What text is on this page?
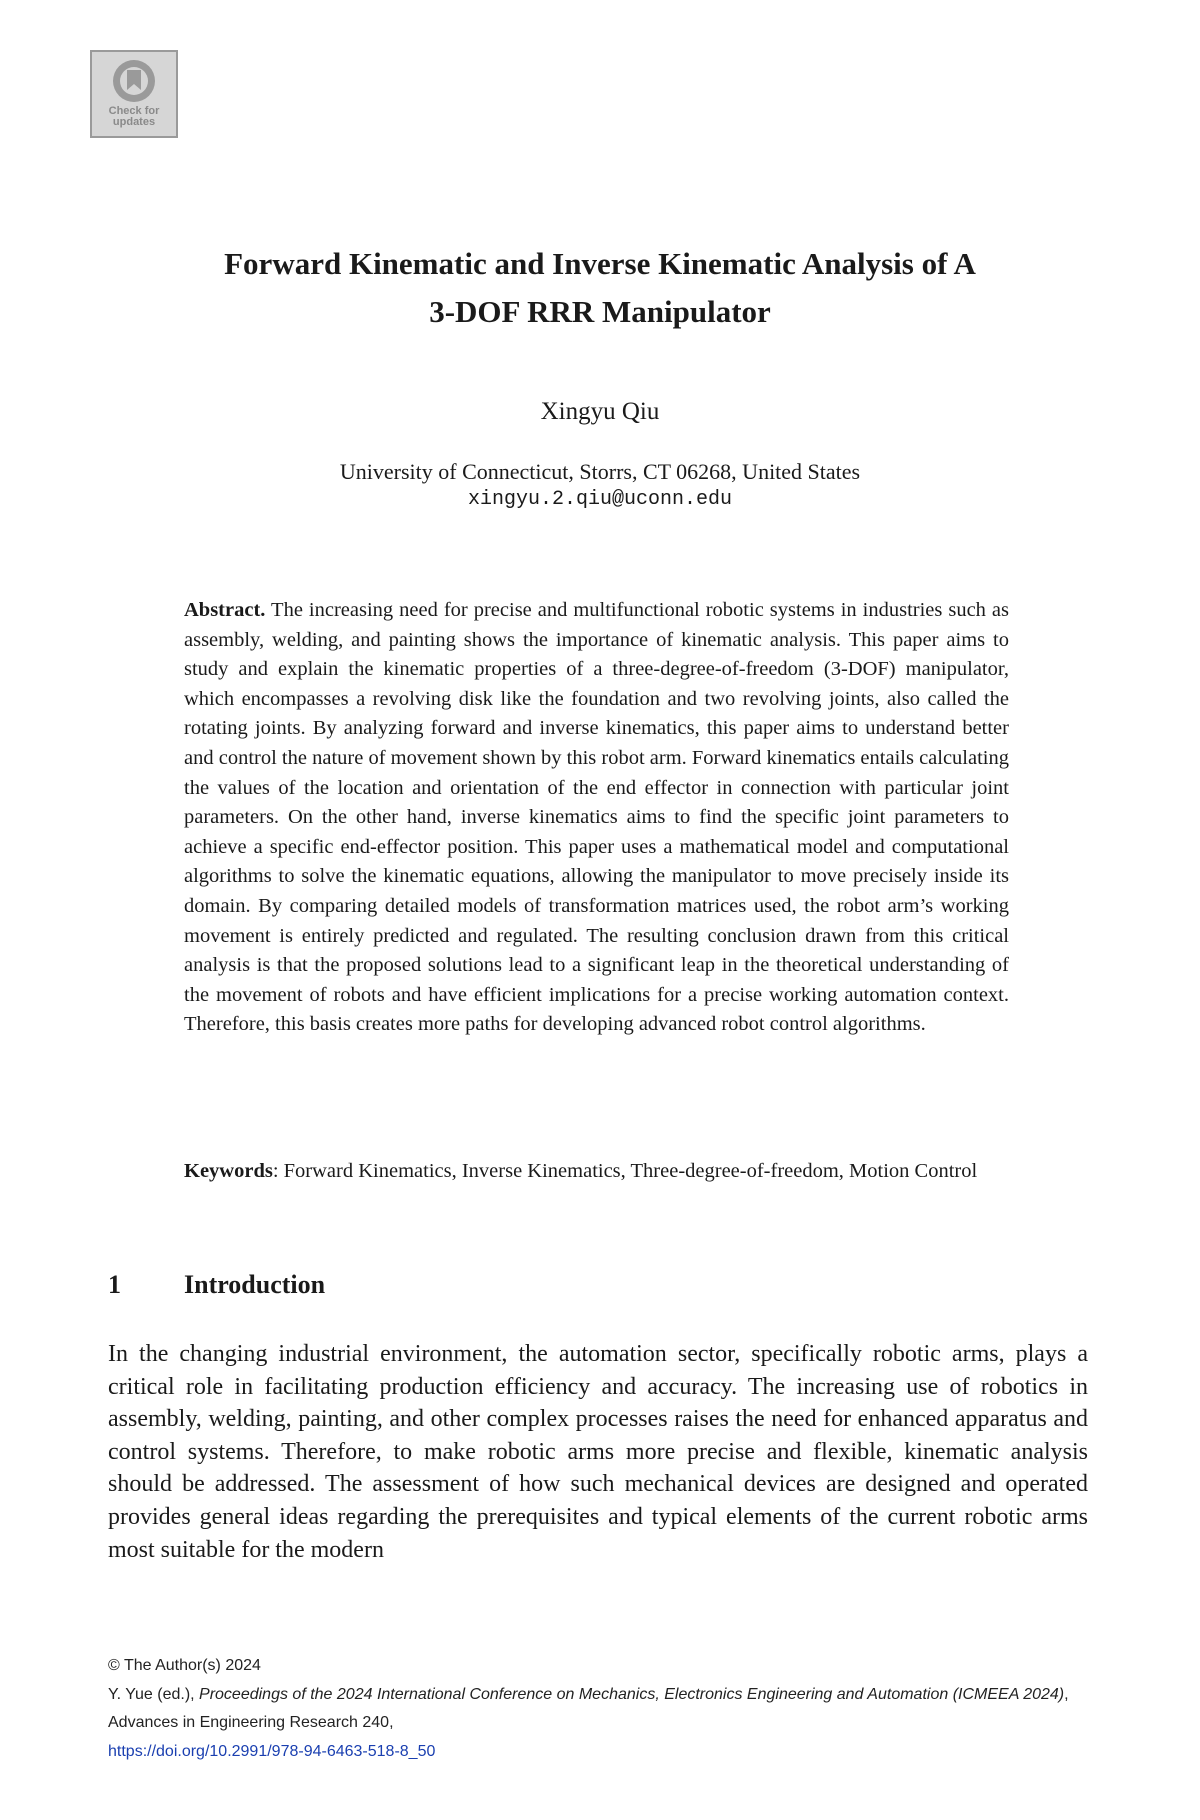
Check for updates
Forward Kinematic and Inverse Kinematic Analysis of A
3-DOF RRR Manipulator
Xingyu Qiu
University of Connecticut, Storrs, CT 06268, United States
xingyu.2.qiu@uconn.edu

Abstract. The increasing need for precise and multifunctional robotic systems in industries such as assembly, welding, and painting shows the importance of kinematic analysis. This paper aims to study and explain the kinematic properties of a three-degree-of-freedom (3-DOF) manipulator, which encompasses a revolving disk like the foundation and two revolving joints, also called the rotating joints. By analyzing forward and inverse kinematics, this paper aims to understand better and control the nature of movement shown by this robot arm. Forward kinematics entails calculating the values of the location and orientation of the end effector in connection with particular joint parameters. On the other hand, inverse kinematics aims to find the specific joint parameters to achieve a specific end-effector position. This paper uses a mathematical model and computational algorithms to solve the kinematic equations, allowing the manipulator to move precisely inside its domain. By comparing detailed models of transformation matrices used, the robot arm’s working movement is entirely predicted and regulated. The resulting conclusion drawn from this critical analysis is that the proposed solutions lead to a significant leap in the theoretical understanding of the movement of robots and have efficient implications for a precise working automation context. Therefore, this basis creates more paths for developing advanced robot control algorithms.

Keywords: Forward Kinematics, Inverse Kinematics, Three-degree-of-freedom, Motion Control

1 Introduction

In the changing industrial environment, the automation sector, specifically robotic arms, plays a critical role in facilitating production efficiency and accuracy. The increasing use of robotics in assembly, welding, painting, and other complex processes raises the need for enhanced apparatus and control systems. Therefore, to make robotic arms more precise and flexible, kinematic analysis should be addressed. The assessment of how such mechanical devices are designed and operated provides general ideas regarding the prerequisites and typical elements of the current robotic arms most suitable for the modern

© The Author(s) 2024
Y. Yue (ed.), Proceedings of the 2024 International Conference on Mechanics, Electronics Engineering and Automation (ICMEEA 2024), Advances in Engineering Research 240,
https://doi.org/10.2991/978-94-6463-518-8_50
